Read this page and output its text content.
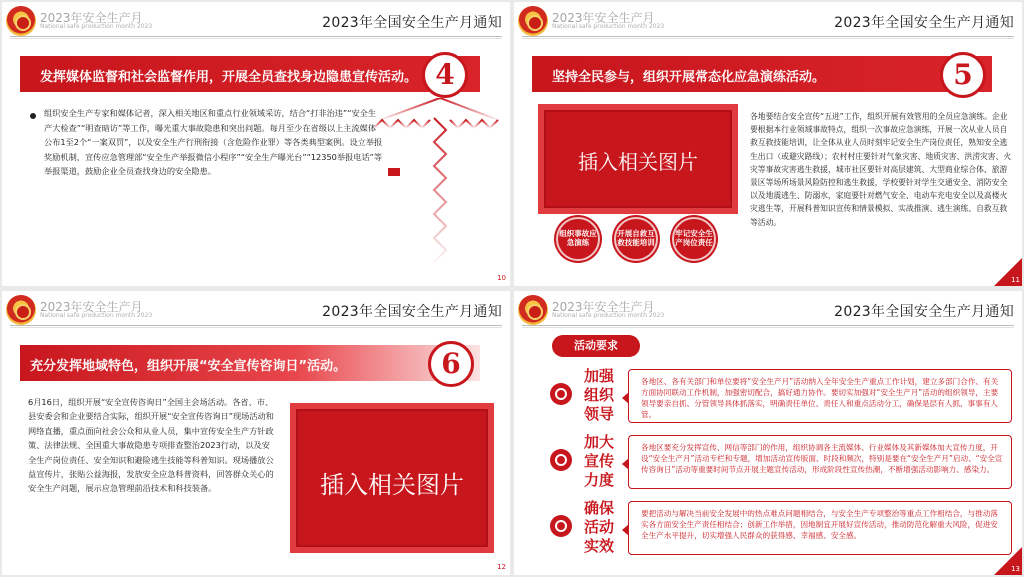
2023年安全生产月
National safe production month 2023	2023年全国安全生产月通知
发挥媒体监督和社会监督作用，开展全员查找身边隐患宣传活动。 4
组织安全生产专家和媒体记者，深入相关地区和重点行业领域采访，结合“打非治违”“安全生产大检查”“明查暗访”等工作，曝光重大事故隐患和突出问题。每月至少在省级以上主流媒体公布1至2个“一案双罚”，以及安全生产行刑衔接（含危险作业罪）等各类典型案例。设立举报奖励机制，宣传应急管理部“安全生产举报微信小程序”“安全生产曝光台”“12350举报电话”等举报渠道，鼓励企业全员查找身边的安全隐患。
10
2023年安全生产月
National safe production month 2023	2023年全国安全生产月通知
坚持全民参与，组织开展常态化应急演练活动。	5
插入相关图片
组织事故应急演练
开展自救互救技能培训
牢记安全生产岗位责任
各地要结合安全宣传“五进”工作，组织开展有效管用的全员应急演练。企业要根据本行业领域事故特点，组织一次事故应急演练，开展一次从业人员自救互救技能培训，让全体从业人员时刻牢记安全生产岗位责任，熟知安全逃生出口（或避灾路线）；农村村庄要针对气象灾害、地质灾害、洪涝灾害、火灾等事故灾害逃生救援，城市社区要针对高层建筑、大型商业综合体、旅游景区等场所场景风险防控和逃生救援，学校要针对学生交通安全、消防安全以及地震逃生、防溺水，家庭要针对燃气安全、电动车充电安全以及高楼火灾逃生等，开展科普知识宣传和情景模拟、实战推演、逃生演练、自救互救等活动。
11
2023年安全生产月
National safe production month 2023	2023年全国安全生产月通知
充分发挥地域特色，组织开展“安全宣传咨询日”活动。	6
6月16日，组织开展“安全宣传咨询日”全国主会场活动。各省、市、县安委会和企业要结合实际，组织开展“安全宣传咨询日”现场活动和网络直播，重点面向社会公众和从业人员，集中宣传安全生产方针政策、法律法规、全国重大事故隐患专项排查整治2023行动，以及安全生产岗位责任、安全知识和避险逃生技能等科普知识。现场播放公益宣传片，张贴公益海报，发放安全应急科普资料，回答群众关心的安全生产问题，展示应急管理前沿技术和科技装备。	插入相关图片
12
2023年安全生产月
National safe production month 2023	2023年全国安全生产月通知
活动要求
加强组织领导
各地区、各有关部门和单位要将“安全生产月”活动纳入全年安全生产重点工作计划，建立多部门合作、有关方面协同联动工作机制，加强密切配合，搞好通力协作。要切实加强对“安全生产月”活动的组织领导，主要领导要亲自抓、分管领导具体抓落实，明确责任单位、责任人和重点活动分工，确保是层有人抓、事事有人管。
加大宣传力度
各地区要充分发挥宣传、网信等部门的作用，组织协调各主流媒体、行业媒体及其新媒体加大宣传力度，开设“安全生产月”活动专栏和专题，增加活动宣传版面、时段和频次，特别是要在“安全生产月”启动、“安全宣传咨询日”活动等重要时间节点开展主题宣传活动，形成阶段性宣传热潮，不断增强活动影响力、感染力。
确保活动实效
要把活动与解决当前安全发展中的热点难点问题相结合，与安全生产专项整治等重点工作相结合，与推动落实各方面安全生产责任相结合；创新工作举措，因地制宜开展好宣传活动，推动防范化解重大风险，促进安全生产水平提升，切实增强人民群众的获得感、幸福感、安全感。
13
